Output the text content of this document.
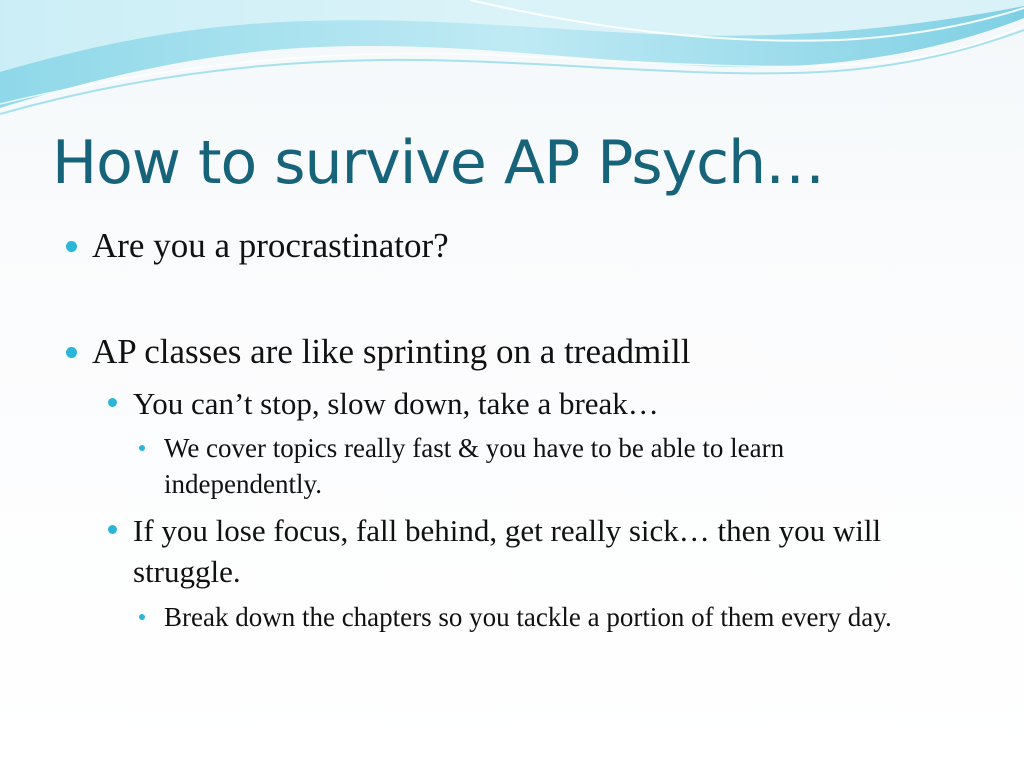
How to survive AP Psych…
Are you a procrastinator?
AP classes are like sprinting on a treadmill
You can’t stop, slow down, take a break…
We cover topics really fast & you have to be able to learn independently.
If you lose focus, fall behind, get really sick… then you will struggle.
Break down the chapters so you tackle a portion of them every day.
